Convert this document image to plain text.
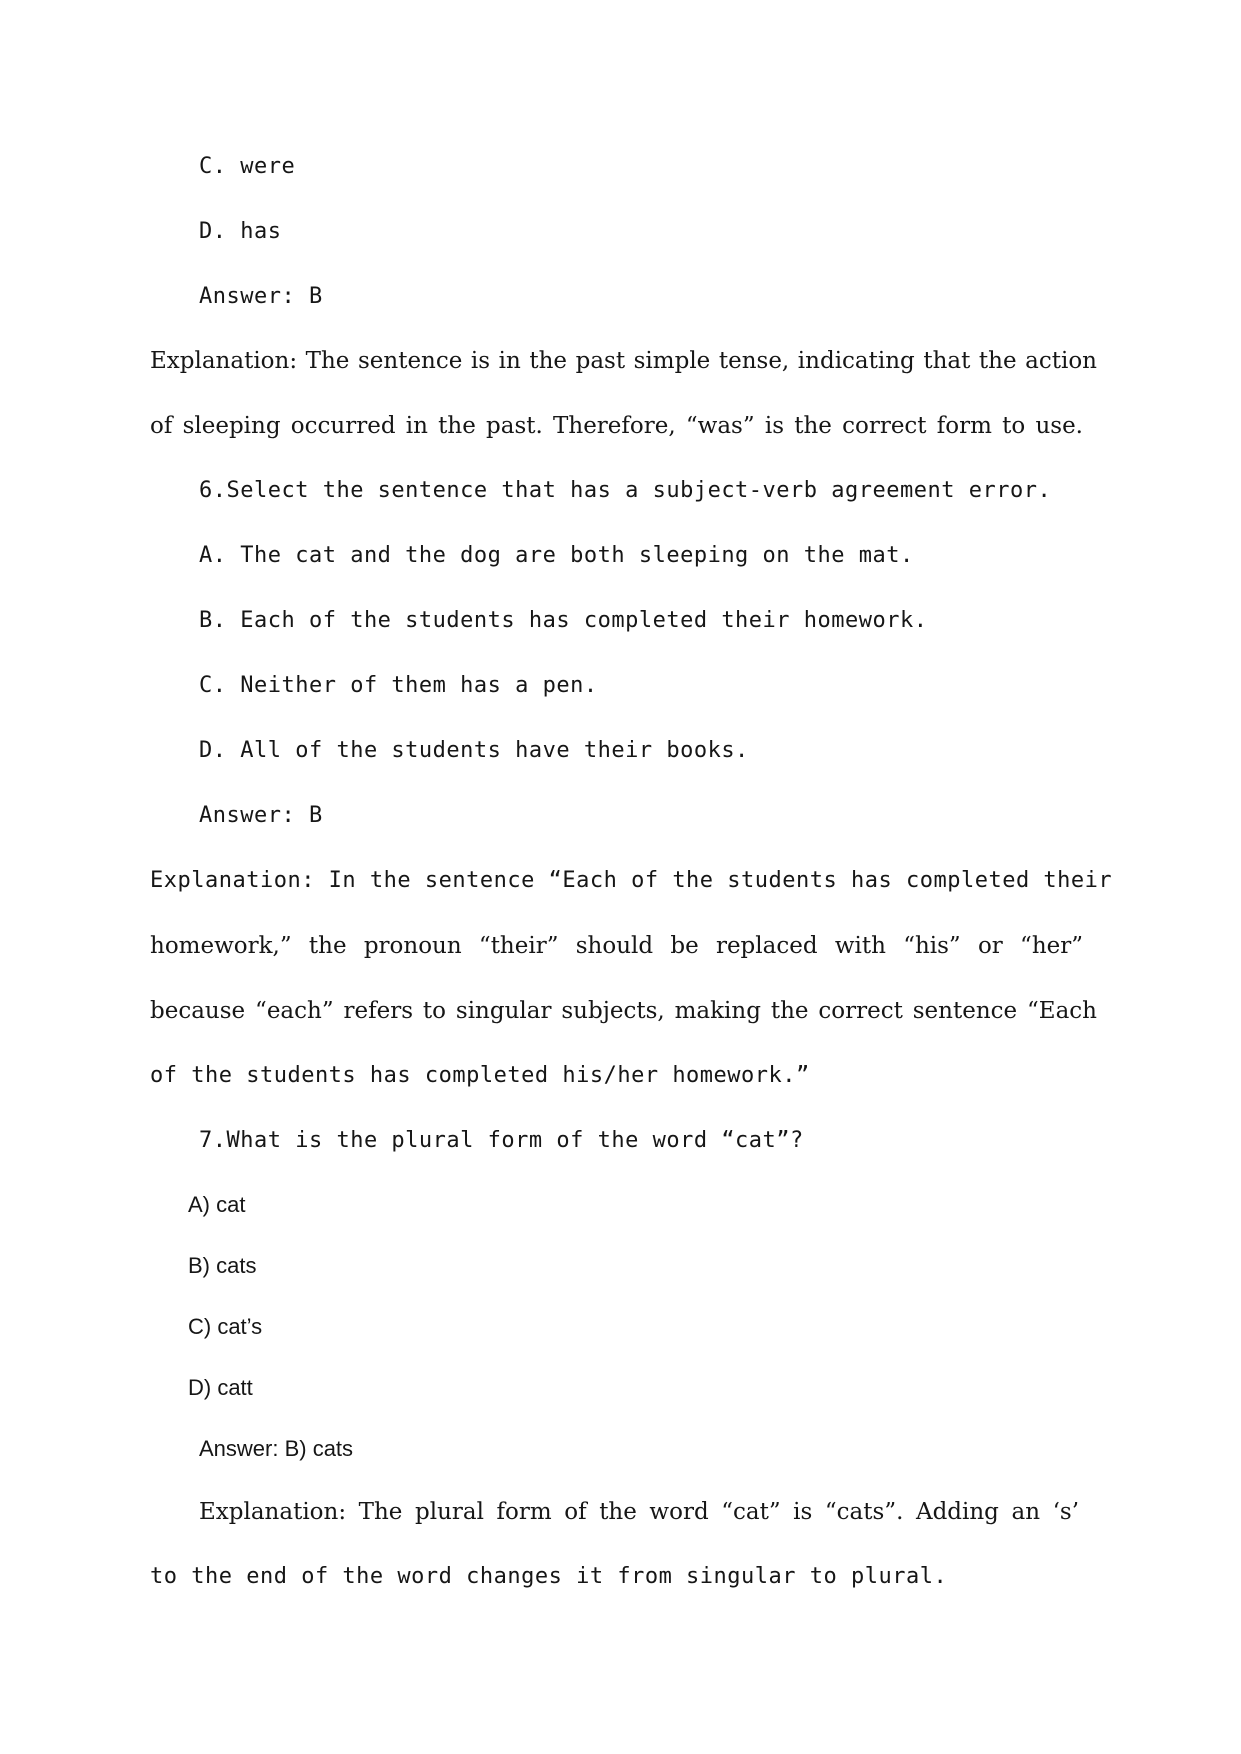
C. were
D. has
Answer: B
Explanation: The sentence is in the past simple tense, indicating that the action
of sleeping occurred in the past. Therefore, “was” is the correct form to use.
6.Select the sentence that has a subject-verb agreement error.
A. The cat and the dog are both sleeping on the mat.
B. Each of the students has completed their homework.
C. Neither of them has a pen.
D. All of the students have their books.
Answer: B
Explanation: In the sentence “Each of the students has completed their
homework,” the pronoun “their” should be replaced with “his” or “her”
because “each” refers to singular subjects, making the correct sentence “Each
of the students has completed his/her homework.”
7.What is the plural form of the word “cat”?
A) cat
B) cats
C) cat’s
D) catt
Answer: B) cats
Explanation: The plural form of the word “cat” is “cats”. Adding an ‘s’
to the end of the word changes it from singular to plural.
